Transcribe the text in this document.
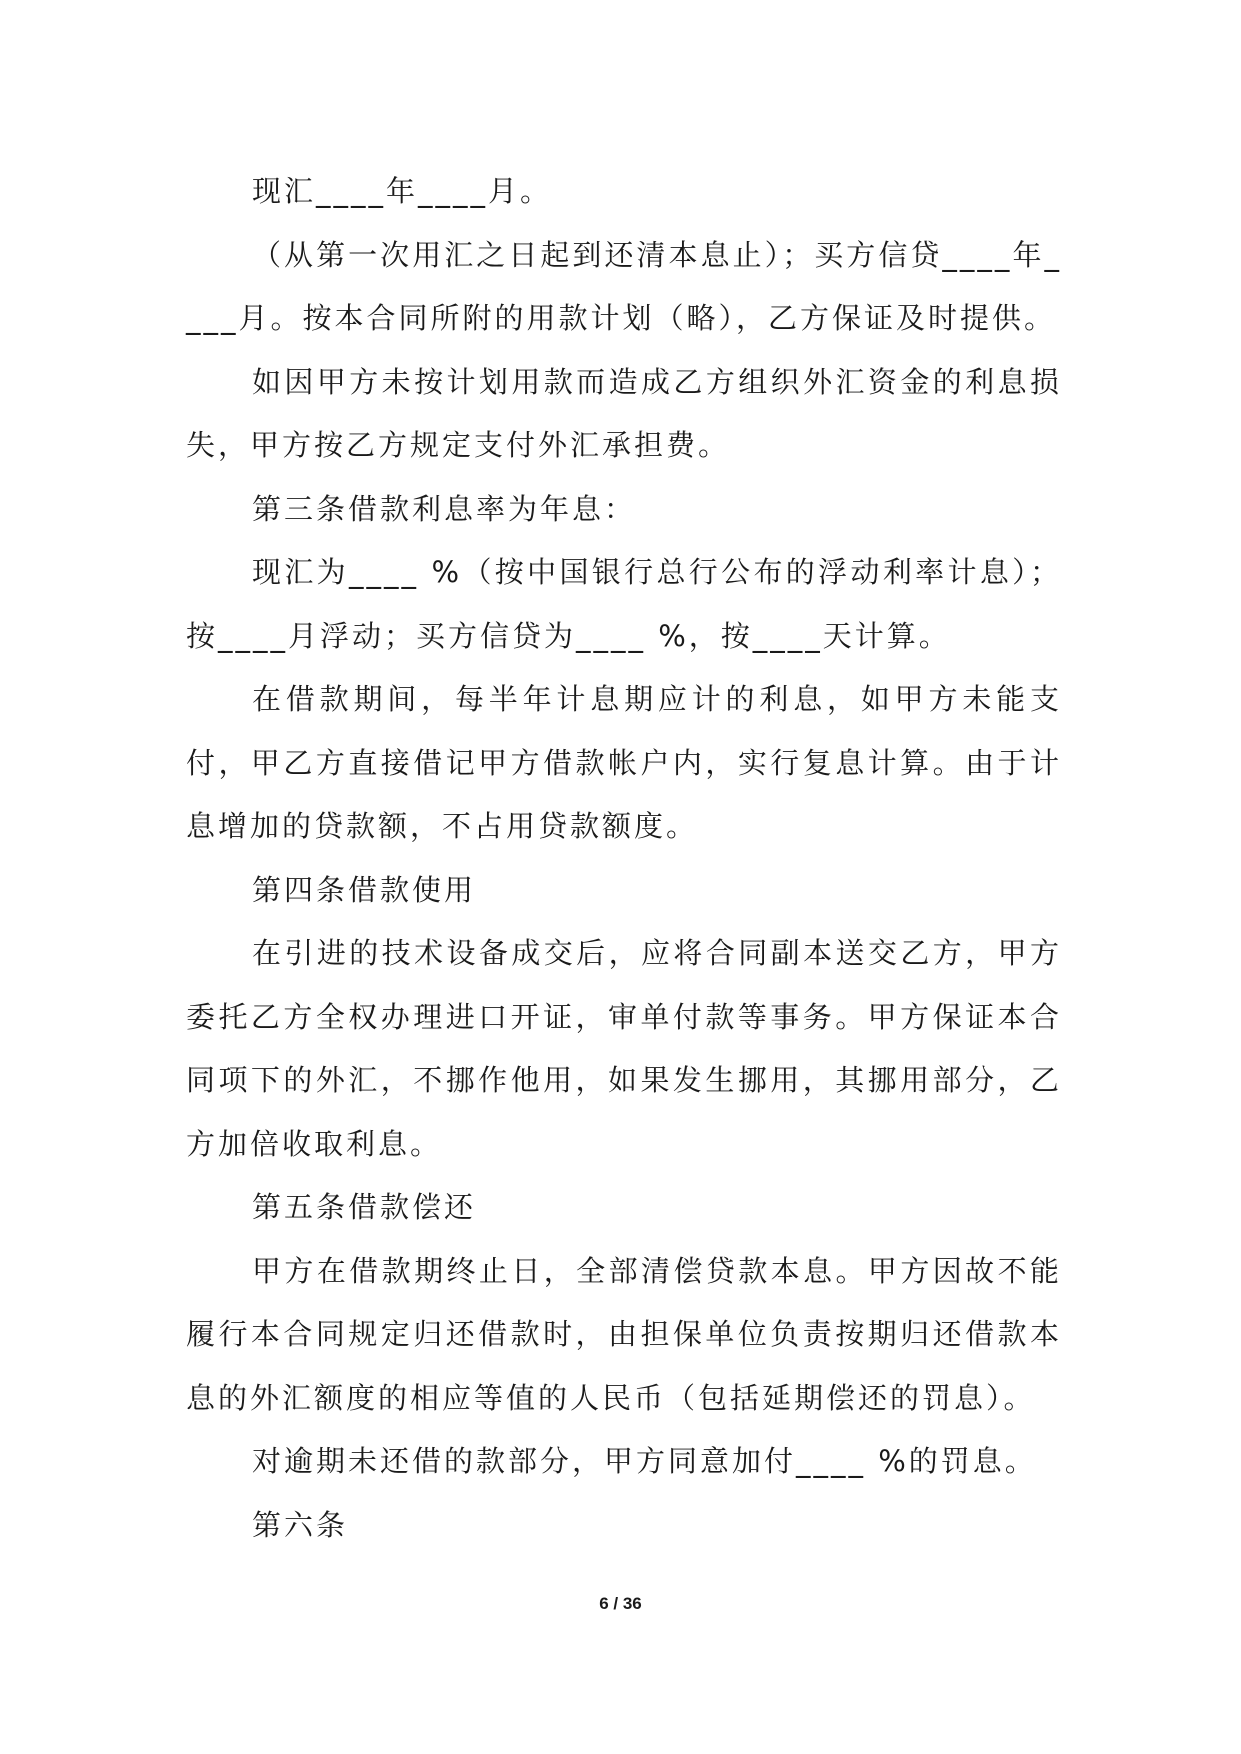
现汇____年____月。

（从第一次用汇之日起到还清本息止）；买方信贷____年____月。按本合同所附的用款计划（略），乙方保证及时提供。

如因甲方未按计划用款而造成乙方组织外汇资金的利息损失，甲方按乙方规定支付外汇承担费。

第三条借款利息率为年息：

现汇为____ %（按中国银行总行公布的浮动利率计息）；按____月浮动；买方信贷为____ %，按____天计算。

在借款期间，每半年计息期应计的利息，如甲方未能支付，甲乙方直接借记甲方借款帐户内，实行复息计算。由于计息增加的贷款额，不占用贷款额度。

第四条借款使用

在引进的技术设备成交后，应将合同副本送交乙方，甲方委托乙方全权办理进口开证，审单付款等事务。甲方保证本合同项下的外汇，不挪作他用，如果发生挪用，其挪用部分，乙方加倍收取利息。

第五条借款偿还

甲方在借款期终止日，全部清偿贷款本息。甲方因故不能履行本合同规定归还借款时，由担保单位负责按期归还借款本息的外汇额度的相应等值的人民币（包括延期偿还的罚息）。

对逾期未还借的款部分，甲方同意加付____ %的罚息。

第六条

6 / 36
